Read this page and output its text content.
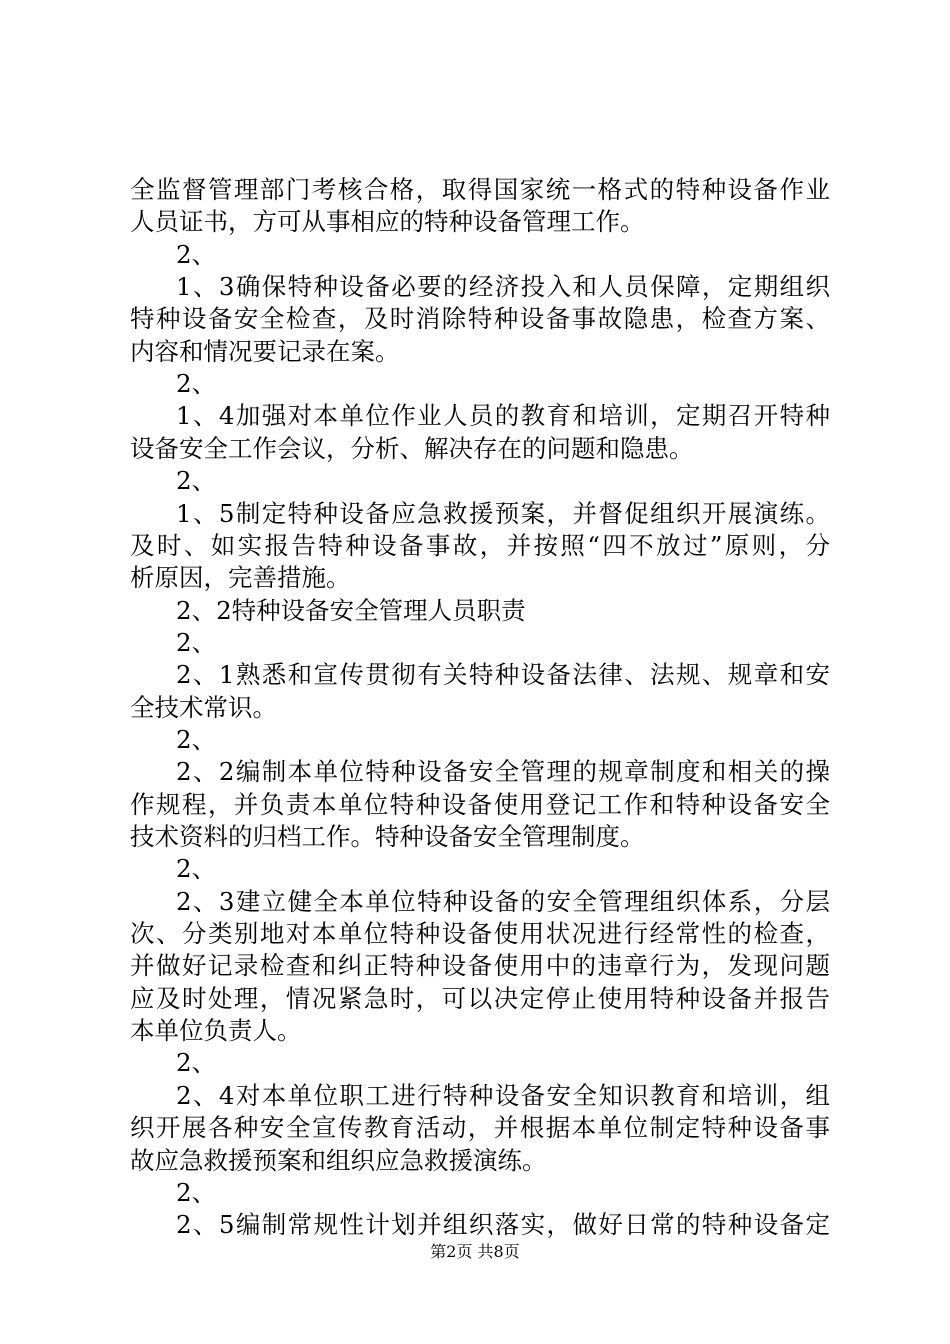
全监督管理部门考核合格，取得国家统一格式的特种设备作业
人员证书，方可从事相应的特种设备管理工作。
2、
1、3确保特种设备必要的经济投入和人员保障，定期组织
特种设备安全检查，及时消除特种设备事故隐患，检查方案、
内容和情况要记录在案。
2、
1、4加强对本单位作业人员的教育和培训，定期召开特种
设备安全工作会议，分析、解决存在的问题和隐患。
2、
1、5制定特种设备应急救援预案，并督促组织开展演练。
及时、如实报告特种设备事故，并按照“四不放过”原则，分
析原因，完善措施。
2、2特种设备安全管理人员职责
2、
2、1熟悉和宣传贯彻有关特种设备法律、法规、规章和安
全技术常识。
2、
2、2编制本单位特种设备安全管理的规章制度和相关的操
作规程，并负责本单位特种设备使用登记工作和特种设备安全
技术资料的归档工作。特种设备安全管理制度。
2、
2、3建立健全本单位特种设备的安全管理组织体系，分层
次、分类别地对本单位特种设备使用状况进行经常性的检查，
并做好记录检查和纠正特种设备使用中的违章行为，发现问题
应及时处理，情况紧急时，可以决定停止使用特种设备并报告
本单位负责人。
2、
2、4对本单位职工进行特种设备安全知识教育和培训，组
织开展各种安全宣传教育活动，并根据本单位制定特种设备事
故应急救援预案和组织应急救援演练。
2、
2、5编制常规性计划并组织落实，做好日常的特种设备定
第2页 共8页
